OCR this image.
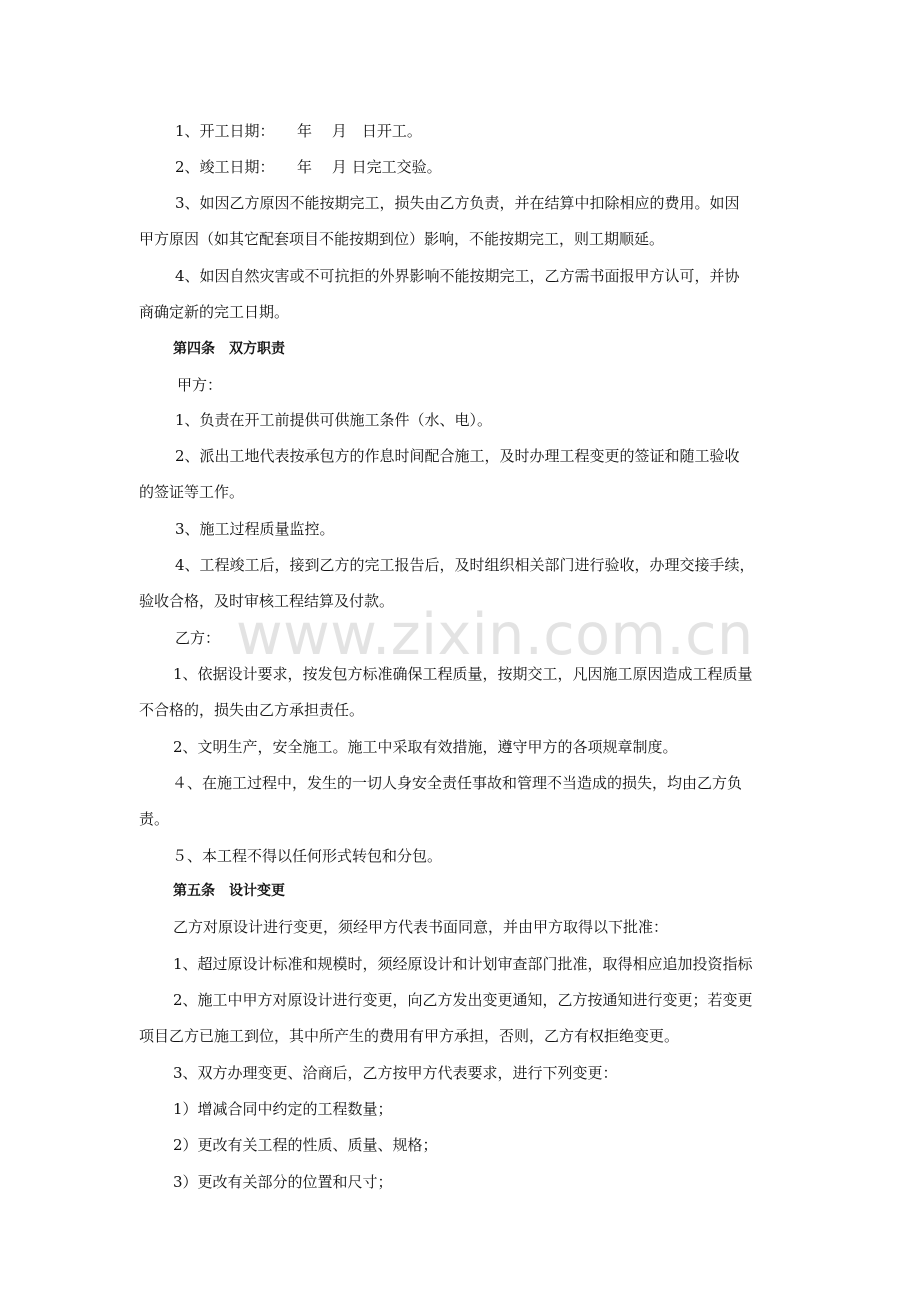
1、开工日期：　　年　 月　日开工。
2、竣工日期：　　年　 月 日完工交验。
3、如因乙方原因不能按期完工，损失由乙方负责，并在结算中扣除相应的费用。如因
甲方原因（如其它配套项目不能按期到位）影响，不能按期完工，则工期顺延。
4、如因自然灾害或不可抗拒的外界影响不能按期完工，乙方需书面报甲方认可，并协
商确定新的完工日期。
第四条　双方职责
甲方：
1、负责在开工前提供可供施工条件（水、电）。
2、派出工地代表按承包方的作息时间配合施工，及时办理工程变更的签证和随工验收
的签证等工作。
3、施工过程质量监控。
4、工程竣工后，接到乙方的完工报告后，及时组织相关部门进行验收，办理交接手续，
验收合格，及时审核工程结算及付款。
乙方：
1、依据设计要求，按发包方标准确保工程质量，按期交工，凡因施工原因造成工程质量
不合格的，损失由乙方承担责任。
2、文明生产，安全施工。施工中采取有效措施，遵守甲方的各项规章制度。
４、在施工过程中，发生的一切人身安全责任事故和管理不当造成的损失，均由乙方负
责。
５、本工程不得以任何形式转包和分包。
第五条　设计变更
乙方对原设计进行变更，须经甲方代表书面同意，并由甲方取得以下批准：
1、超过原设计标准和规模时，须经原设计和计划审查部门批准，取得相应追加投资指标
2、施工中甲方对原设计进行变更，向乙方发出变更通知，乙方按通知进行变更；若变更
项目乙方已施工到位，其中所产生的费用有甲方承担，否则，乙方有权拒绝变更。
3、双方办理变更、洽商后，乙方按甲方代表要求，进行下列变更：
1）增减合同中约定的工程数量；
2）更改有关工程的性质、质量、规格；
3）更改有关部分的位置和尺寸；
www.zixin.com.cn
